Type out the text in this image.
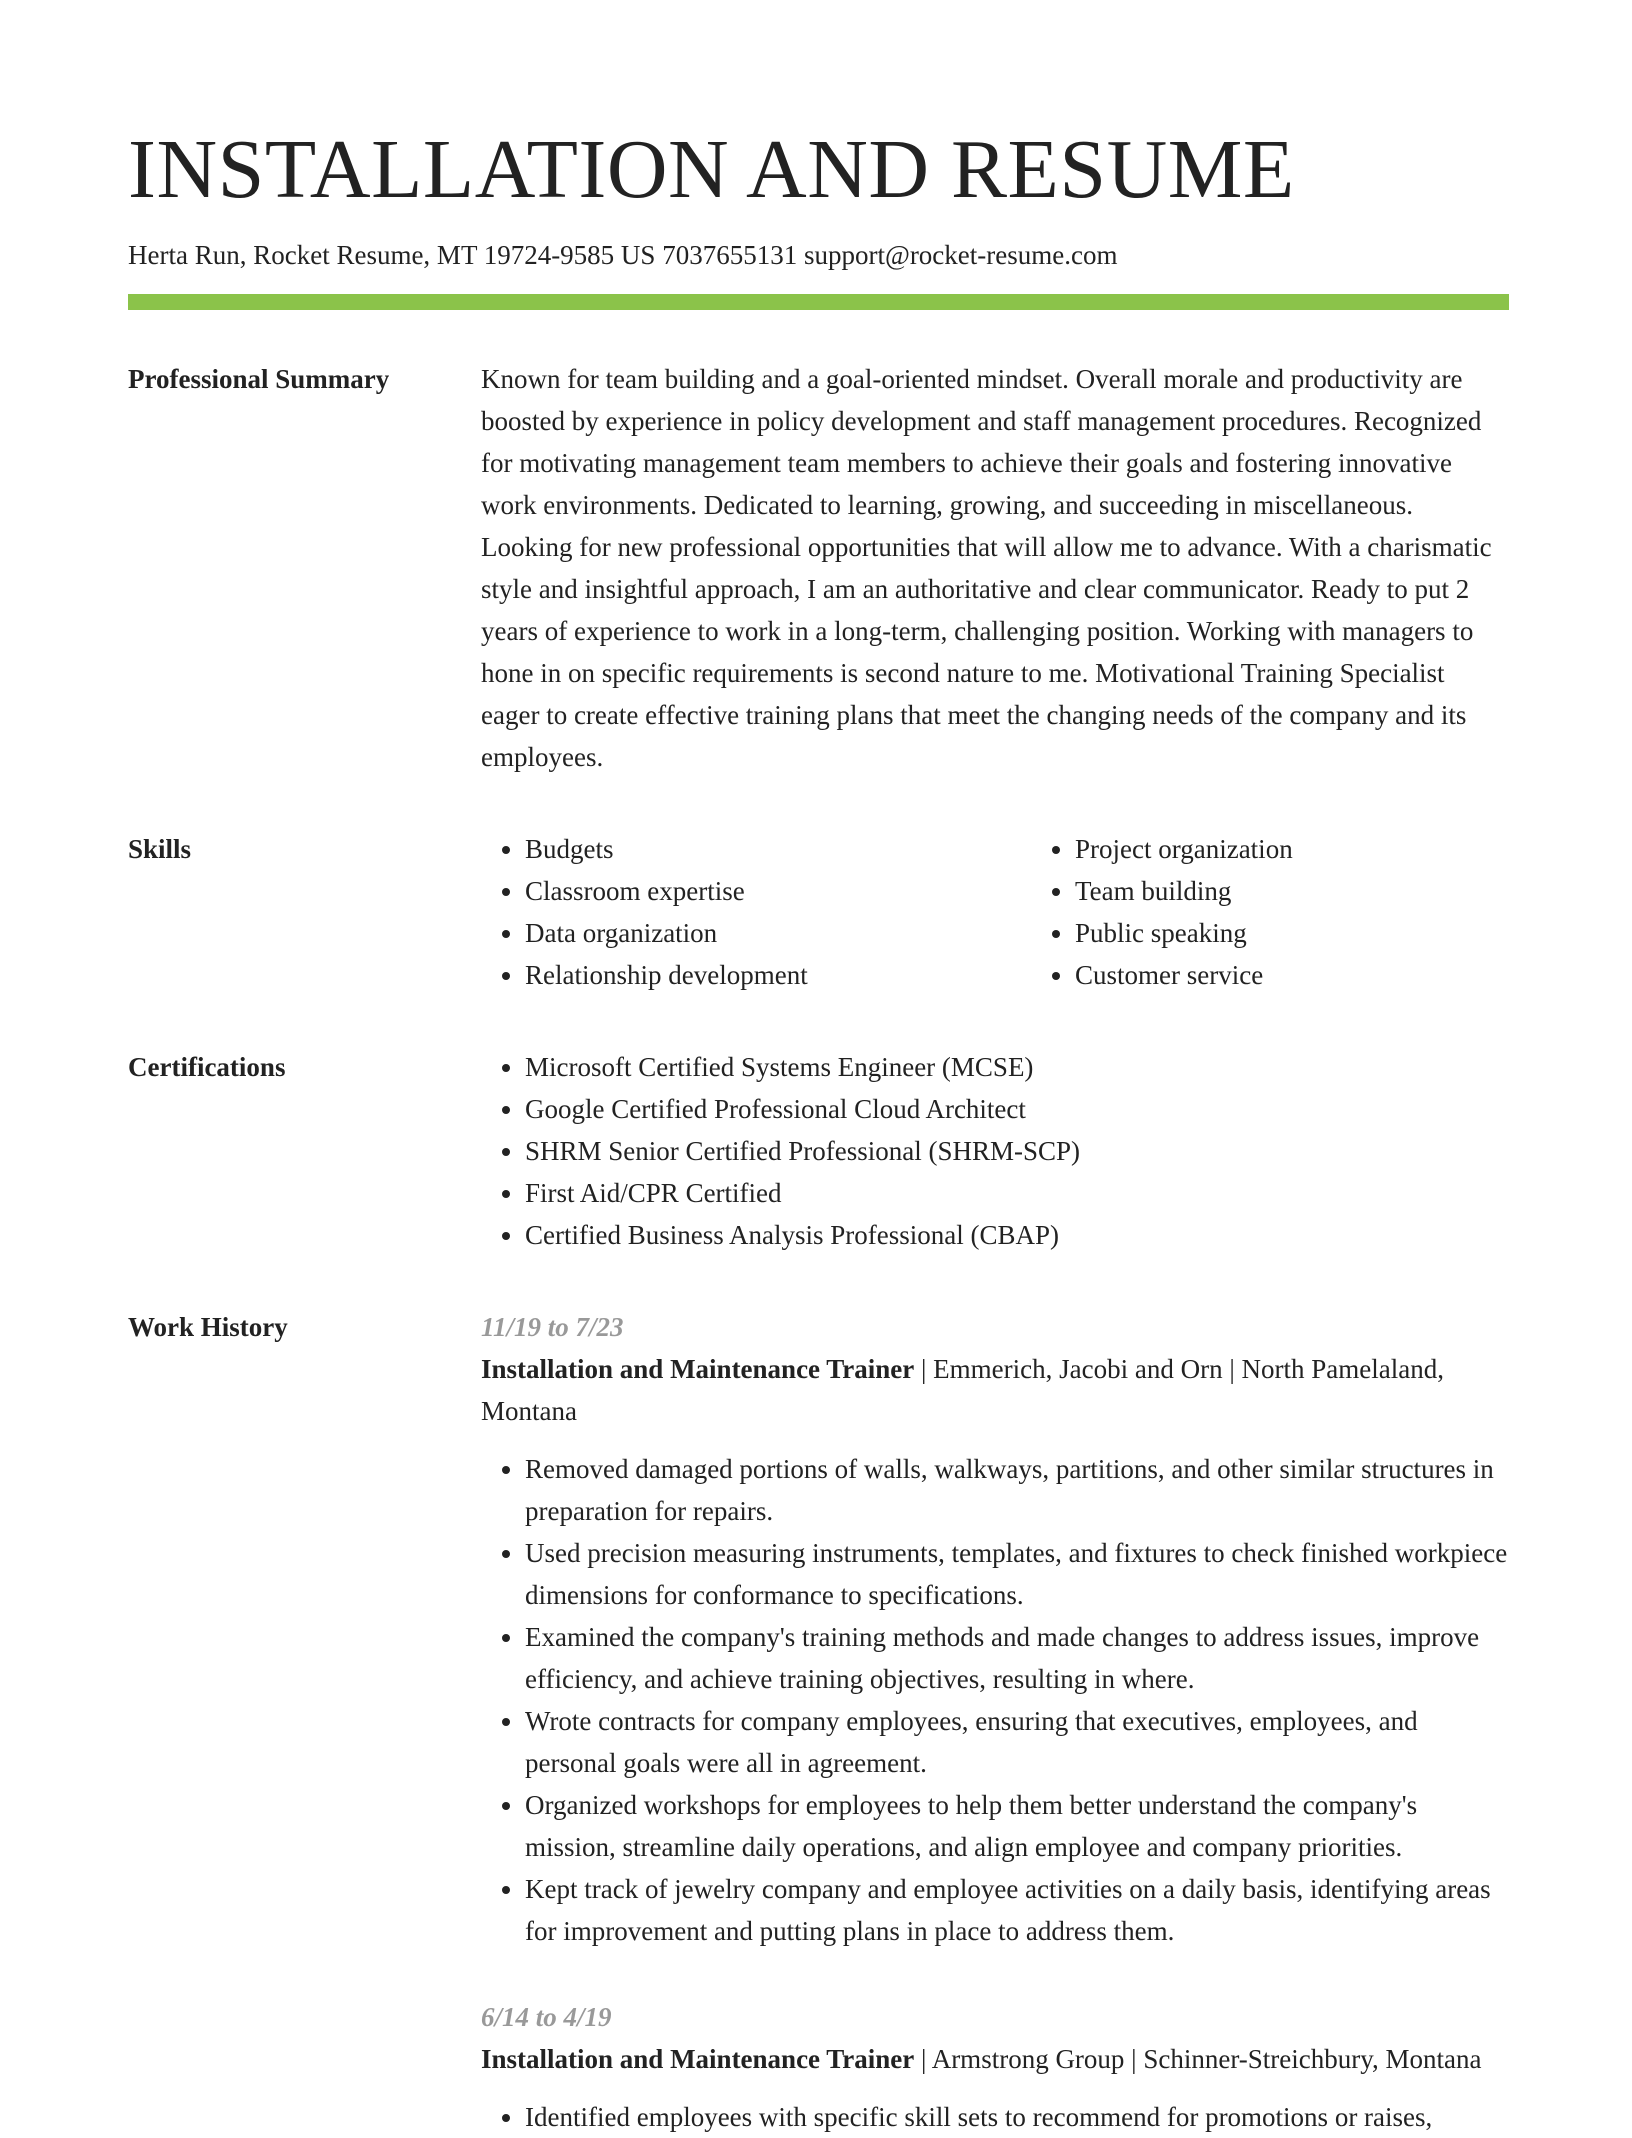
INSTALLATION AND RESUME
Herta Run, Rocket Resume, MT 19724-9585 US 7037655131 support@rocket-resume.com
Professional Summary	Known for team building and a goal-oriented mindset. Overall morale and productivity are boosted by experience in policy development and staff management procedures. Recognized for motivating management team members to achieve their goals and fostering innovative work environments. Dedicated to learning, growing, and succeeding in miscellaneous. Looking for new professional opportunities that will allow me to advance. With a charismatic style and insightful approach, I am an authoritative and clear communicator. Ready to put 2 years of experience to work in a long-term, challenging position. Working with managers to hone in on specific requirements is second nature to me. Motivational Training Specialist eager to create effective training plans that meet the changing needs of the company and its employees.

Skills	• Budgets
• Classroom expertise
• Data organization
• Relationship development
• Project organization
• Team building
• Public speaking
• Customer service
Certifications	• Microsoft Certified Systems Engineer (MCSE)
• Google Certified Professional Cloud Architect
• SHRM Senior Certified Professional (SHRM-SCP)
• First Aid/CPR Certified
• Certified Business Analysis Professional (CBAP)
Work History	11/19 to 7/23
Installation and Maintenance Trainer | Emmerich, Jacobi and Orn | North Pamelaland, Montana
• Removed damaged portions of walls, walkways, partitions, and other similar structures in preparation for repairs.
• Used precision measuring instruments, templates, and fixtures to check finished workpiece dimensions for conformance to specifications.
• Examined the company's training methods and made changes to address issues, improve efficiency, and achieve training objectives, resulting in where.
• Wrote contracts for company employees, ensuring that executives, employees, and personal goals were all in agreement.
• Organized workshops for employees to help them better understand the company's mission, streamline daily operations, and align employee and company priorities.
• Kept track of jewelry company and employee activities on a daily basis, identifying areas for improvement and putting plans in place to address them.
6/14 to 4/19
Installation and Maintenance Trainer | Armstrong Group | Schinner-Streichbury, Montana
• Identified employees with specific skill sets to recommend for promotions or raises,
